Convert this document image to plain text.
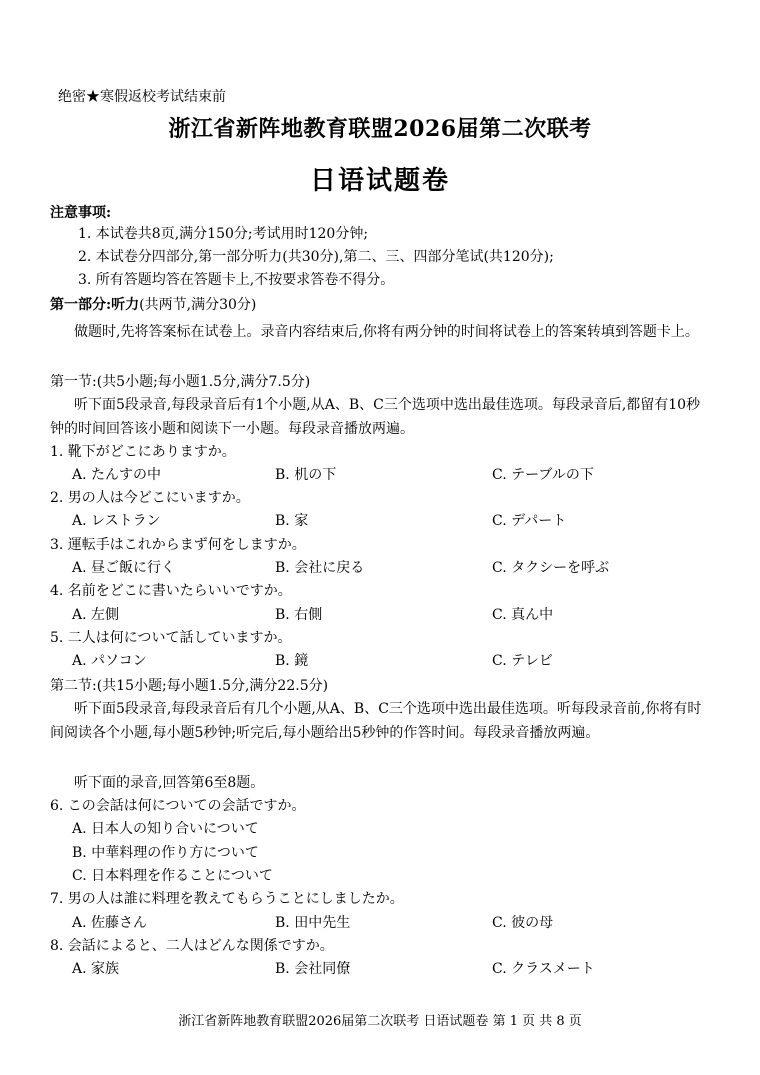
绝密★寒假返校考试结束前
浙江省新阵地教育联盟2026届第二次联考
日语试题卷
注意事项:
1. 本试卷共8页,满分150分;考试用时120分钟;
2. 本试卷分四部分,第一部分听力(共30分),第二、三、四部分笔试(共120分);
3. 所有答题均答在答题卡上,不按要求答卷不得分。
第一部分:听力(共两节,满分30分)
做题时,先将答案标在试卷上。录音内容结束后,你将有两分钟的时间将试卷上的答案转填到答题卡上。
第一节:(共5小题;每小题1.5分,满分7.5分)
听下面5段录音,每段录音后有1个小题,从A、B、C三个选项中选出最佳选项。每段录音后,都留有10秒钟的时间回答该小题和阅读下一小题。每段录音播放两遍。
1. 靴下がどこにありますか。
A. たんすの中	B. 机の下	C. テーブルの下
2. 男の人は今どこにいますか。
A. レストラン	B. 家	C. デパート
3. 運転手はこれからまず何をしますか。
A. 昼ご飯に行く	B. 会社に戻る	C. タクシーを呼ぶ
4. 名前をどこに書いたらいいですか。
A. 左側	B. 右側	C. 真ん中
5. 二人は何について話していますか。
A. パソコン	B. 鏡	C. テレビ
第二节:(共15小题;每小题1.5分,满分22.5分)
听下面5段录音,每段录音后有几个小题,从A、B、C三个选项中选出最佳选项。听每段录音前,你将有时间阅读各个小题,每小题5秒钟;听完后,每小题给出5秒钟的作答时间。每段录音播放两遍。
听下面的录音,回答第6至8题。
6. この会話は何についての会話ですか。
A. 日本人の知り合いについて
B. 中華料理の作り方について
C. 日本料理を作ることについて
7. 男の人は誰に料理を教えてもらうことにしましたか。
A. 佐藤さん	B. 田中先生	C. 彼の母
8. 会話によると、二人はどんな関係ですか。
A. 家族	B. 会社同僚	C. クラスメート
浙江省新阵地教育联盟2026届第二次联考 日语试题卷 第 1 页 共 8 页
